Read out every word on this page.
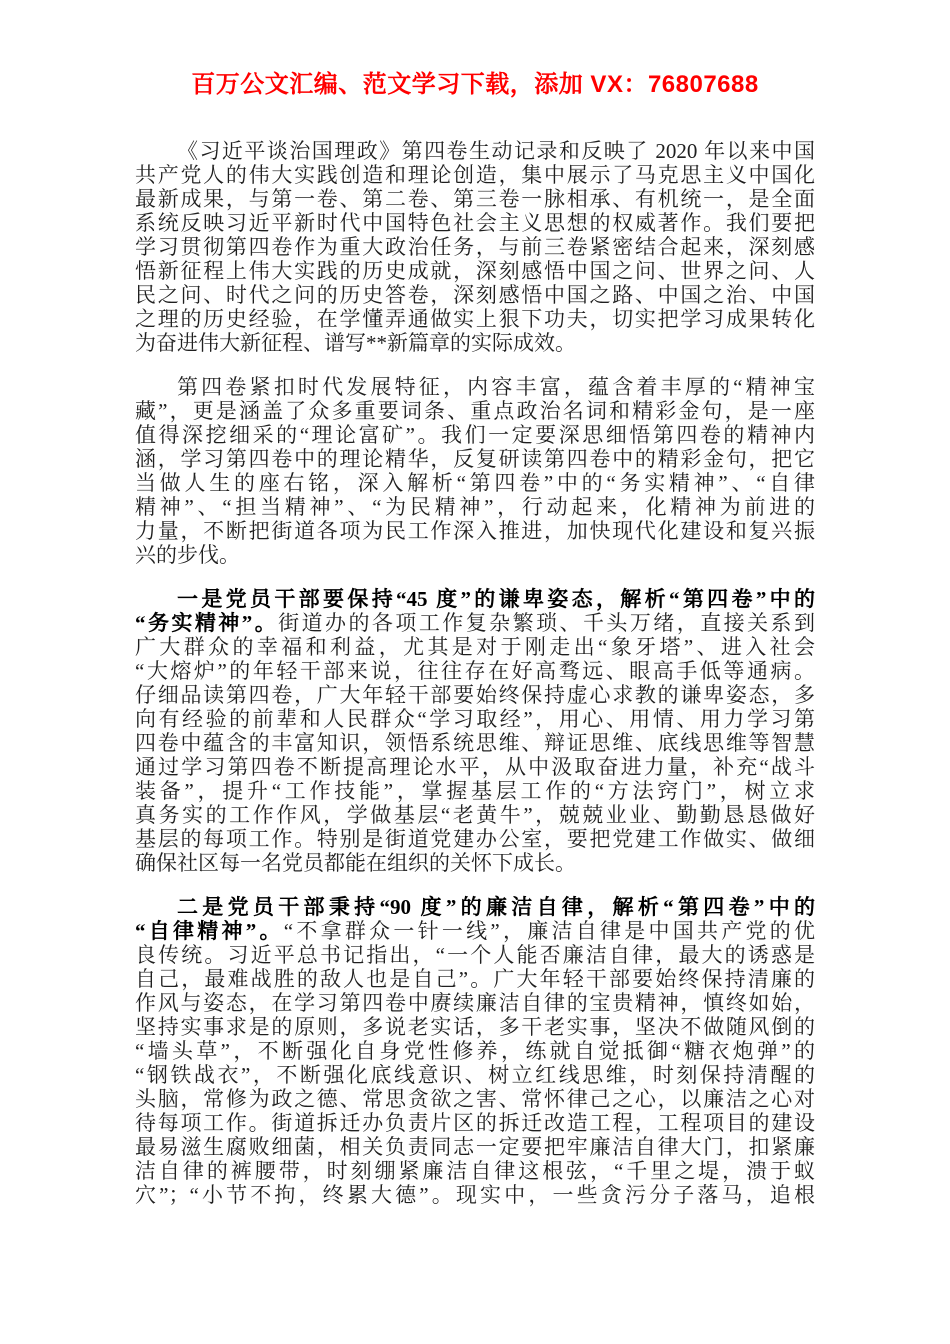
百万公文汇编、范文学习下载，添加 VX：76807688
《习近平谈治国理政》第四卷生动记录和反映了 2020 年以来中国
共产党人的伟大实践创造和理论创造，集中展示了马克思主义中国化
最新成果，与第一卷、第二卷、第三卷一脉相承、有机统一，是全面
系统反映习近平新时代中国特色社会主义思想的权威著作。我们要把
学习贯彻第四卷作为重大政治任务，与前三卷紧密结合起来，深刻感
悟新征程上伟大实践的历史成就，深刻感悟中国之问、世界之问、人
民之问、时代之问的历史答卷，深刻感悟中国之路、中国之治、中国
之理的历史经验，在学懂弄通做实上狠下功夫，切实把学习成果转化
为奋进伟大新征程、谱写**新篇章的实际成效。
第四卷紧扣时代发展特征，内容丰富，蕴含着丰厚的“精神宝
藏”，更是涵盖了众多重要词条、重点政治名词和精彩金句，是一座
值得深挖细采的“理论富矿”。我们一定要深思细悟第四卷的精神内
涵，学习第四卷中的理论精华，反复研读第四卷中的精彩金句，把它
当做人生的座右铭，深入解析“第四卷”中的“务实精神”、“自律
精神”、“担当精神”、“为民精神”，行动起来，化精神为前进的
力量，不断把街道各项为民工作深入推进，加快现代化建设和复兴振
兴的步伐。
一是党员干部要保持“45 度”的谦卑姿态，解析“第四卷”中的
“务实精神”。街道办的各项工作复杂繁琐、千头万绪，直接关系到
广大群众的幸福和利益，尤其是对于刚走出“象牙塔”、进入社会
“大熔炉”的年轻干部来说，往往存在好高骛远、眼高手低等通病。
仔细品读第四卷，广大年轻干部要始终保持虚心求教的谦卑姿态，多
向有经验的前辈和人民群众“学习取经”，用心、用情、用力学习第
四卷中蕴含的丰富知识，领悟系统思维、辩证思维、底线思维等智慧
通过学习第四卷不断提高理论水平，从中汲取奋进力量，补充“战斗
装备”，提升“工作技能”，掌握基层工作的“方法窍门”，树立求
真务实的工作作风，学做基层“老黄牛”，兢兢业业、勤勤恳恳做好
基层的每项工作。特别是街道党建办公室，要把党建工作做实、做细
确保社区每一名党员都能在组织的关怀下成长。
二是党员干部秉持“90 度”的廉洁自律，解析“第四卷”中的
“自律精神”。“不拿群众一针一线”，廉洁自律是中国共产党的优
良传统。习近平总书记指出，“一个人能否廉洁自律，最大的诱惑是
自己，最难战胜的敌人也是自己”。广大年轻干部要始终保持清廉的
作风与姿态，在学习第四卷中赓续廉洁自律的宝贵精神，慎终如始，
坚持实事求是的原则，多说老实话，多干老实事，坚决不做随风倒的
“墙头草”，不断强化自身党性修养，练就自觉抵御“糖衣炮弹”的
“钢铁战衣”，不断强化底线意识、树立红线思维，时刻保持清醒的
头脑，常修为政之德、常思贪欲之害、常怀律己之心，以廉洁之心对
待每项工作。街道拆迁办负责片区的拆迁改造工程，工程项目的建设
最易滋生腐败细菌，相关负责同志一定要把牢廉洁自律大门，扣紧廉
洁自律的裤腰带，时刻绷紧廉洁自律这根弦，“千里之堤，溃于蚁
穴”；“小节不拘，终累大德”。现实中，一些贪污分子落马，追根
